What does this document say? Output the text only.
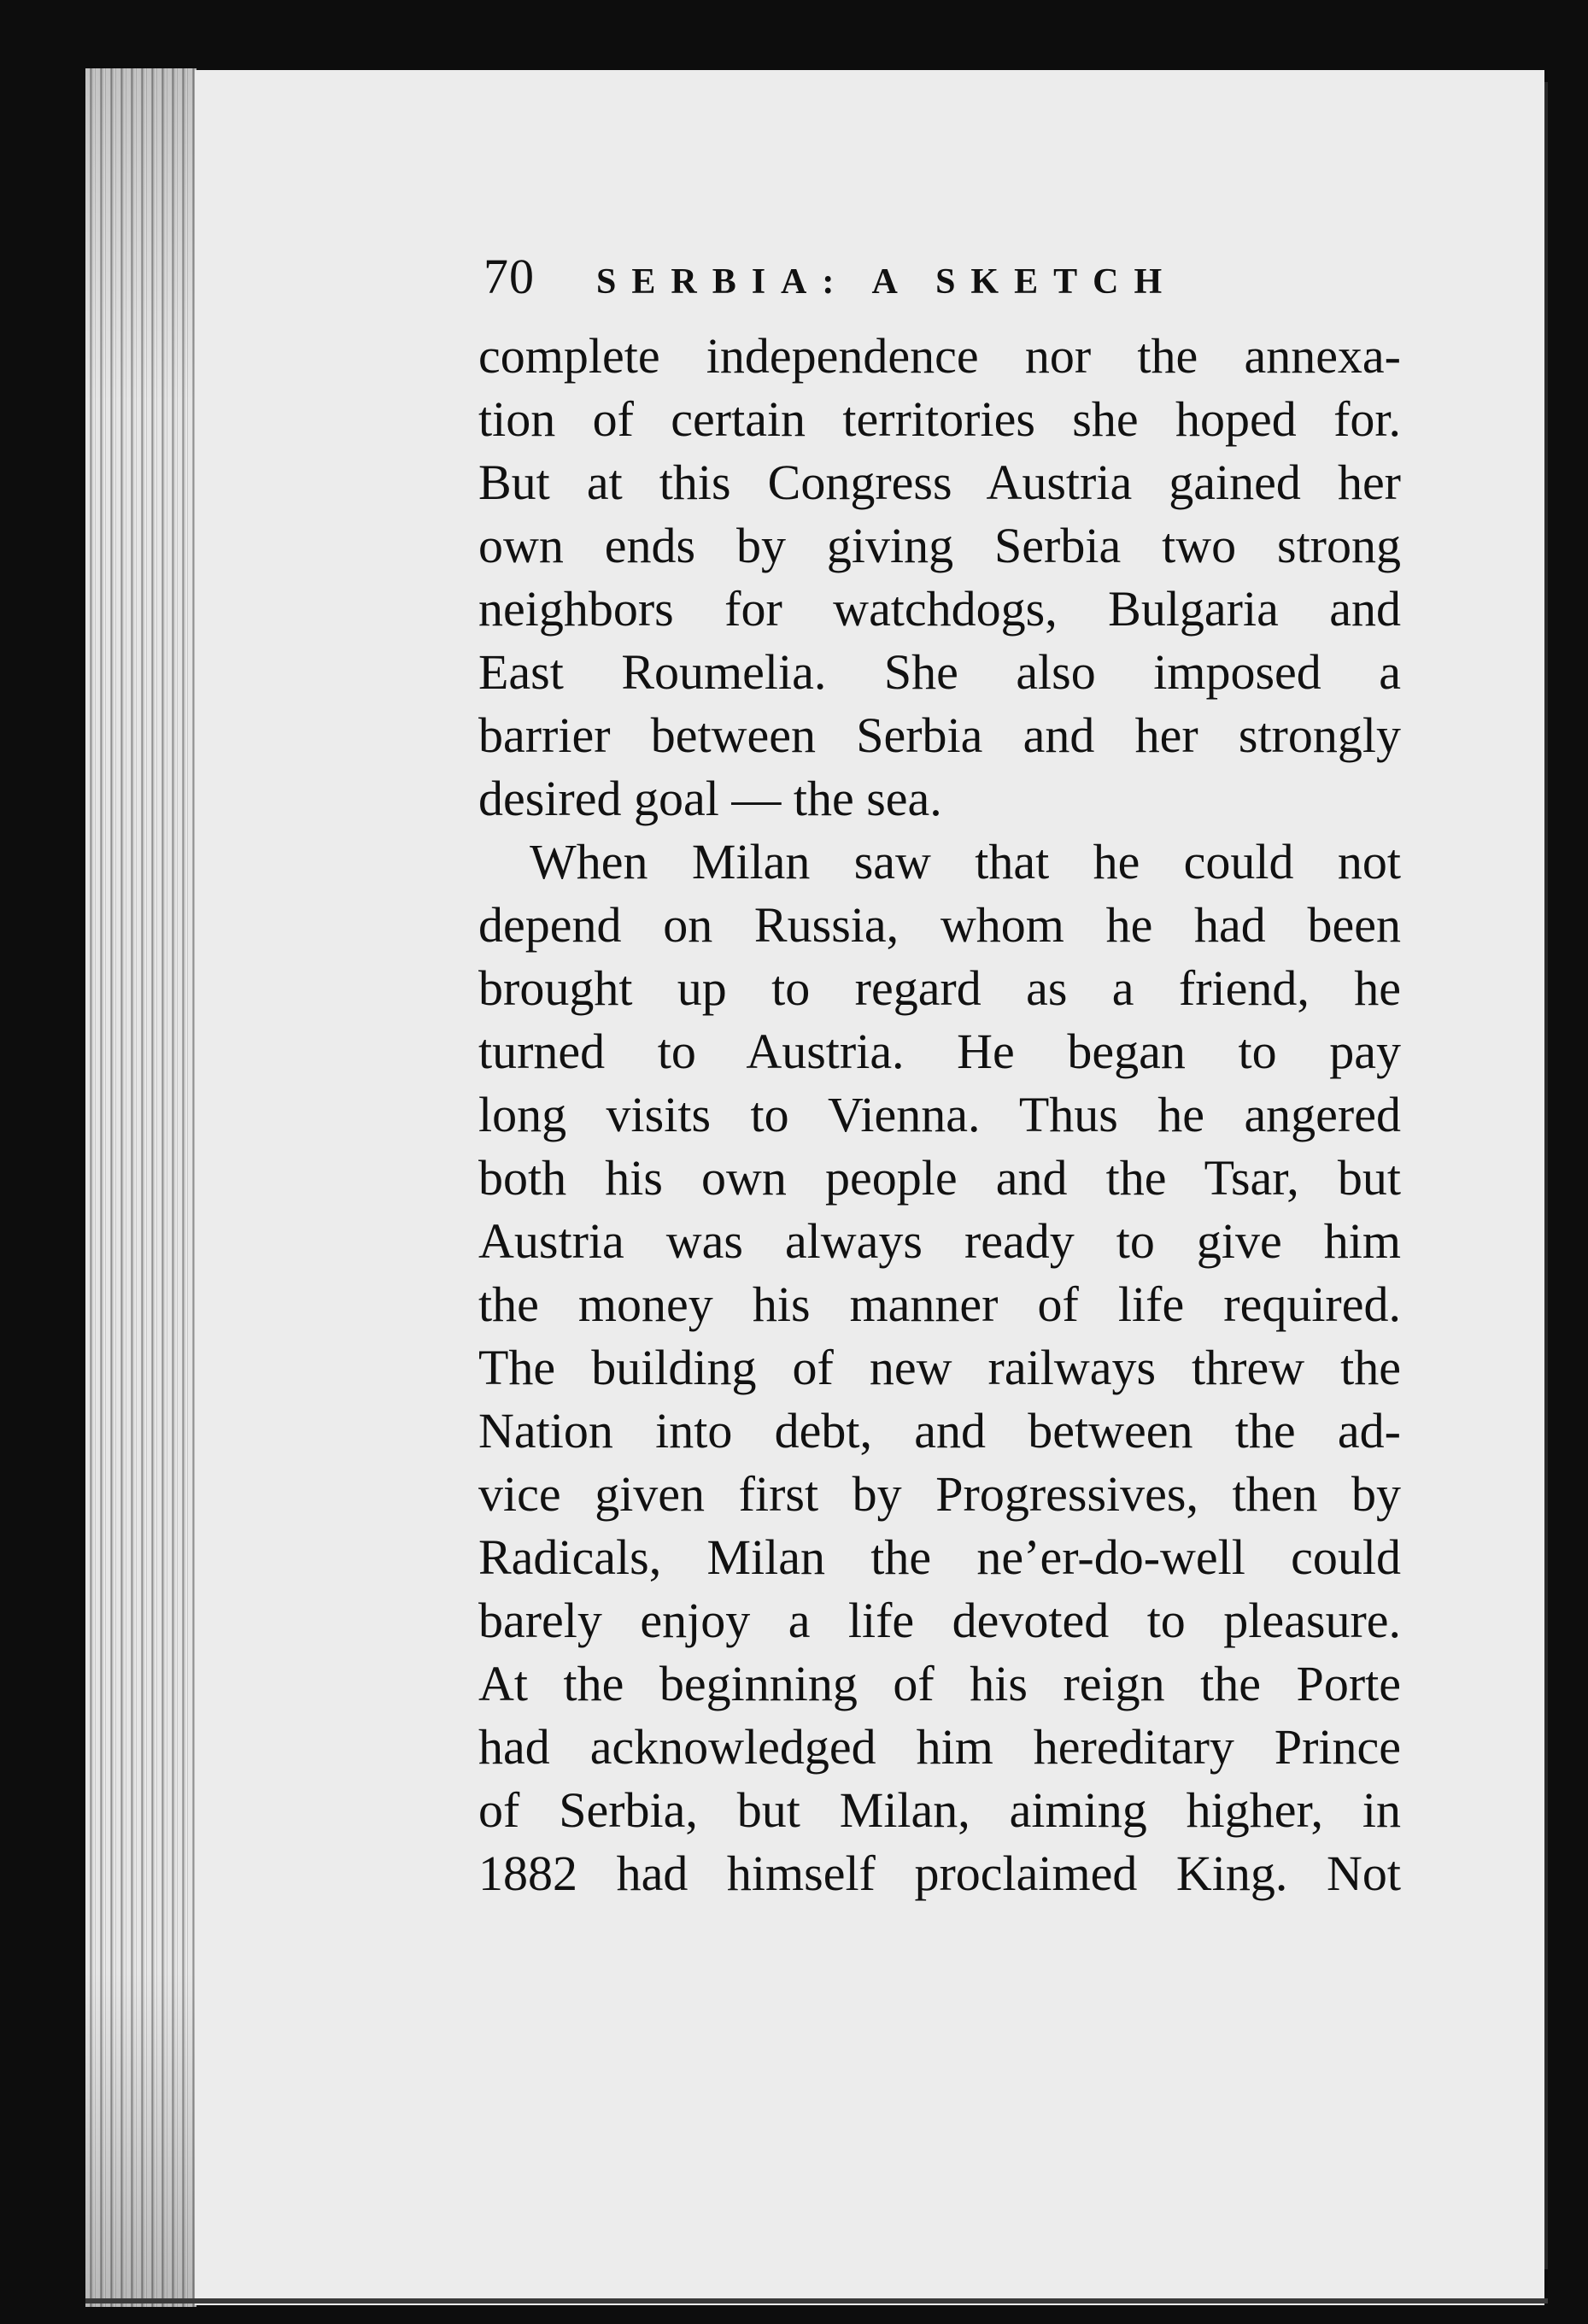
70 SERBIA: A SKETCH
complete independence nor the annexa-
tion of certain territories she hoped for.
But at this Congress Austria gained her
own ends by giving Serbia two strong
neighbors for watchdogs, Bulgaria and
East Roumelia. She also imposed a
barrier between Serbia and her strongly
desired goal — the sea.
When Milan saw that he could not
depend on Russia, whom he had been
brought up to regard as a friend, he
turned to Austria. He began to pay
long visits to Vienna. Thus he angered
both his own people and the Tsar, but
Austria was always ready to give him
the money his manner of life required.
The building of new railways threw the
Nation into debt, and between the ad-
vice given first by Progressives, then by
Radicals, Milan the ne’er-do-well could
barely enjoy a life devoted to pleasure.
At the beginning of his reign the Porte
had acknowledged him hereditary Prince
of Serbia, but Milan, aiming higher, in
1882 had himself proclaimed King. Not
